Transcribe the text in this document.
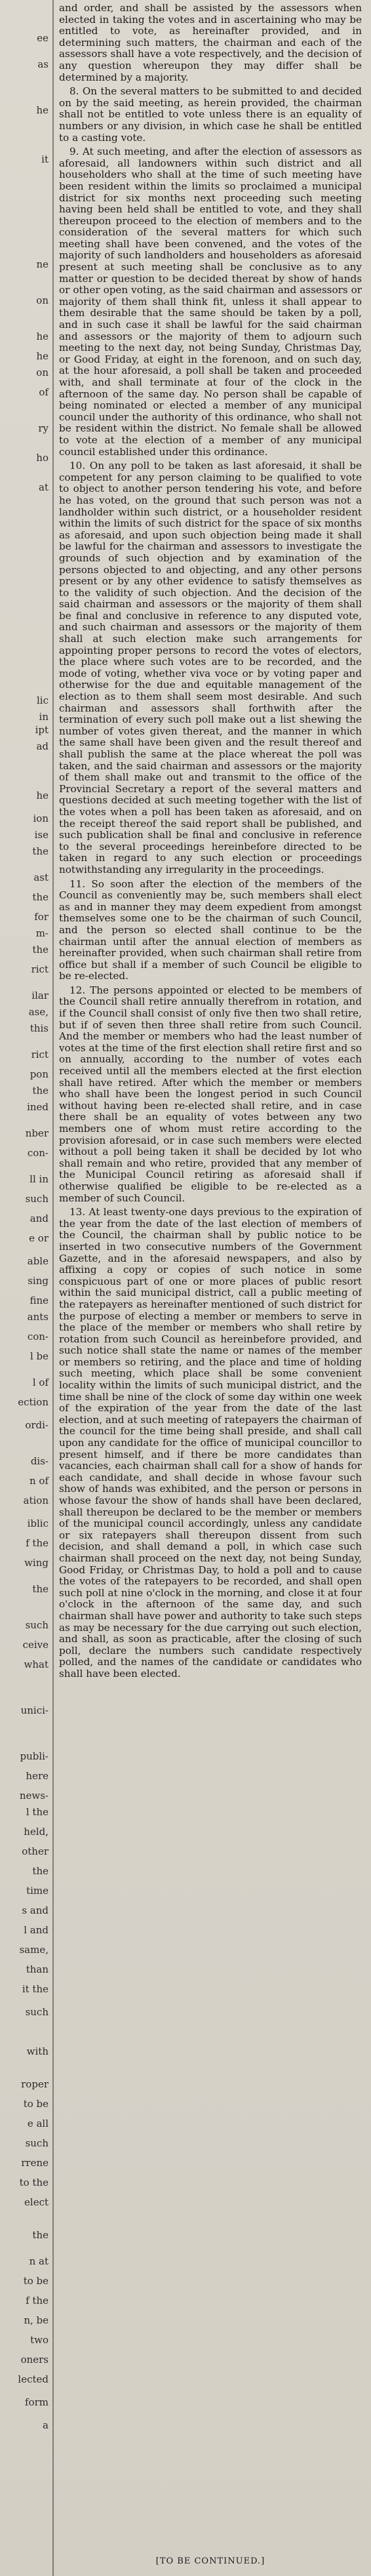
ee
as
he
it
ne
on
he
he
on
of
ry
ho
at
lic
in
ipt
ad
he
ion
ise
the
ast
the
for
m-
the
rict
ilar
ase,
this
rict
pon
the
ined
nber
con-
ll in
such
and
e or
able
sing
fine
ants
con-
l be
l of
ection
ordi-
dis-
n of
ation
iblic
f the
wing
the
such
ceive
what
unici-
publi-
here
news-
l the
held,
other
the
time
s and
l and
same,
than
it the
such
with
roper
to be
e all
such
rrene
to the
elect
the
n at
to be
f the
n, be
two
oners
lected
form
a

and order, and shall be assisted by the assessors when elected in taking the votes and in ascertaining who may be entitled to vote, as hereinafter provided, and in determining such matters, the chairman and each of the assessors shall have a vote respectively, and the decision of any question whereupon they may differ shall be determined by a majority.

8. On the several matters to be submitted to and decided on by the said meeting, as herein provided, the chairman shall not be entitled to vote unless there is an equality of numbers or any division, in which case he shall be entitled to a casting vote.

9. At such meeting, and after the election of assessors as aforesaid, all landowners within such district and all householders who shall at the time of such meeting have been resident within the limits so proclaimed a municipal district for six months next proceeding such meeting having been held shall be entitled to vote, and they shall thereupon proceed to the election of members and to the consideration of the several matters for which such meeting shall have been convened, and the votes of the majority of such landholders and householders as aforesaid present at such meeting shall be conclusive as to any matter or question to be decided thereat by show of hands or other open voting, as the said chairman and assessors or majority of them shall think fit, unless it shall appear to them desirable that the same should be taken by a poll, and in such case it shall be lawful for the said chairman and assessors or the majority of them to adjourn such meeting to the next day, not being Sunday, Christmas Day, or Good Friday, at eight in the forenoon, and on such day, at the hour aforesaid, a poll shall be taken and proceeded with, and shall terminate at four of the clock in the afternoon of the same day. No person shall be capable of being nominated or elected a member of any municipal council under the authority of this ordinance, who shall not be resident within the district. No female shall be allowed to vote at the election of a member of any municipal council established under this ordinance.

10. On any poll to be taken as last aforesaid, it shall be competent for any person claiming to be qualified to vote to object to another person tendering his vote, and before he has voted, on the ground that such person was not a landholder within such district, or a householder resident within the limits of such district for the space of six months as aforesaid, and upon such objection being made it shall be lawful for the chairman and assessors to investigate the grounds of such objection and by examination of the persons objected to and objecting, and any other persons present or by any other evidence to satisfy themselves as to the validity of such objection. And the decision of the said chairman and assessors or the majority of them shall be final and conclusive in reference to any disputed vote, and such chairman and assessors or the majority of them shall at such election make such arrangements for appointing proper persons to record the votes of electors, the place where such votes are to be recorded, and the mode of voting, whether viva voce or by voting paper and otherwise for the due and equitable management of the election as to them shall seem most desirable. And such chairman and assessors shall forthwith after the termination of every such poll make out a list shewing the number of votes given thereat, and the manner in which the same shall have been given and the result thereof and shall publish the same at the place whereat the poll was taken, and the said chairman and assessors or the majority of them shall make out and transmit to the office of the Provincial Secretary a report of the several matters and questions decided at such meeting together with the list of the votes when a poll has been taken as aforesaid, and on the receipt thereof the said report shall be published, and such publication shall be final and conclusive in reference to the several proceedings hereinbefore directed to be taken in regard to any such election or proceedings notwithstanding any irregularity in the proceedings.

11. So soon after the election of the members of the Council as conveniently may be, such members shall elect as and in manner they may deem expedient from amongst themselves some one to be the chairman of such Council, and the person so elected shall continue to be the chairman until after the annual election of members as hereinafter provided, when such chairman shall retire from office but shall if a member of such Council be eligible to be re-elected.

12. The persons appointed or elected to be members of the Council shall retire annually therefrom in rotation, and if the Council shall consist of only five then two shall retire, but if of seven then three shall retire from such Council. And the member or members who had the least number of votes at the time of the first election shall retire first and so on annually, according to the number of votes each received until all the members elected at the first election shall have retired. After which the member or members who shall have been the longest period in such Council without having been re-elected shall retire, and in case there shall be an equality of votes between any two members one of whom must retire according to the provision aforesaid, or in case such members were elected without a poll being taken it shall be decided by lot who shall remain and who retire, provided that any member of the Municipal Council retiring as aforesaid shall if otherwise qualified be eligible to be re-elected as a member of such Council.

13. At least twenty-one days previous to the expiration of the year from the date of the last election of members of the Council, the chairman shall by public notice to be inserted in two consecutive numbers of the Government Gazette, and in the aforesaid newspapers, and also by affixing a copy or copies of such notice in some conspicuous part of one or more places of public resort within the said municipal district, call a public meeting of the ratepayers as hereinafter mentioned of such district for the purpose of electing a member or members to serve in the place of the member or members who shall retire by rotation from such Council as hereinbefore provided, and such notice shall state the name or names of the member or members so retiring, and the place and time of holding such meeting, which place shall be some convenient locality within the limits of such municipal district, and the time shall be nine of the clock of some day within one week of the expiration of the year from the date of the last election, and at such meeting of ratepayers the chairman of the council for the time being shall preside, and shall call upon any candidate for the office of municipal councillor to present himself, and if there be more candidates than vacancies, each chairman shall call for a show of hands for each candidate, and shall decide in whose favour such show of hands was exhibited, and the person or persons in whose favour the show of hands shall have been declared, shall thereupon be declared to be the member or members of the municipal council accordingly, unless any candidate or six ratepayers shall thereupon dissent from such decision, and shall demand a poll, in which case such chairman shall proceed on the next day, not being Sunday, Good Friday, or Christmas Day, to hold a poll and to cause the votes of the ratepayers to be recorded, and shall open such poll at nine o'clock in the morning, and close it at four o'clock in the afternoon of the same day, and such chairman shall have power and authority to take such steps as may be necessary for the due carrying out such election, and shall, as soon as practicable, after the closing of such poll, declare the numbers such candidate respectively polled, and the names of the candidate or candidates who shall have been elected.

[TO BE CONTINUED.]
